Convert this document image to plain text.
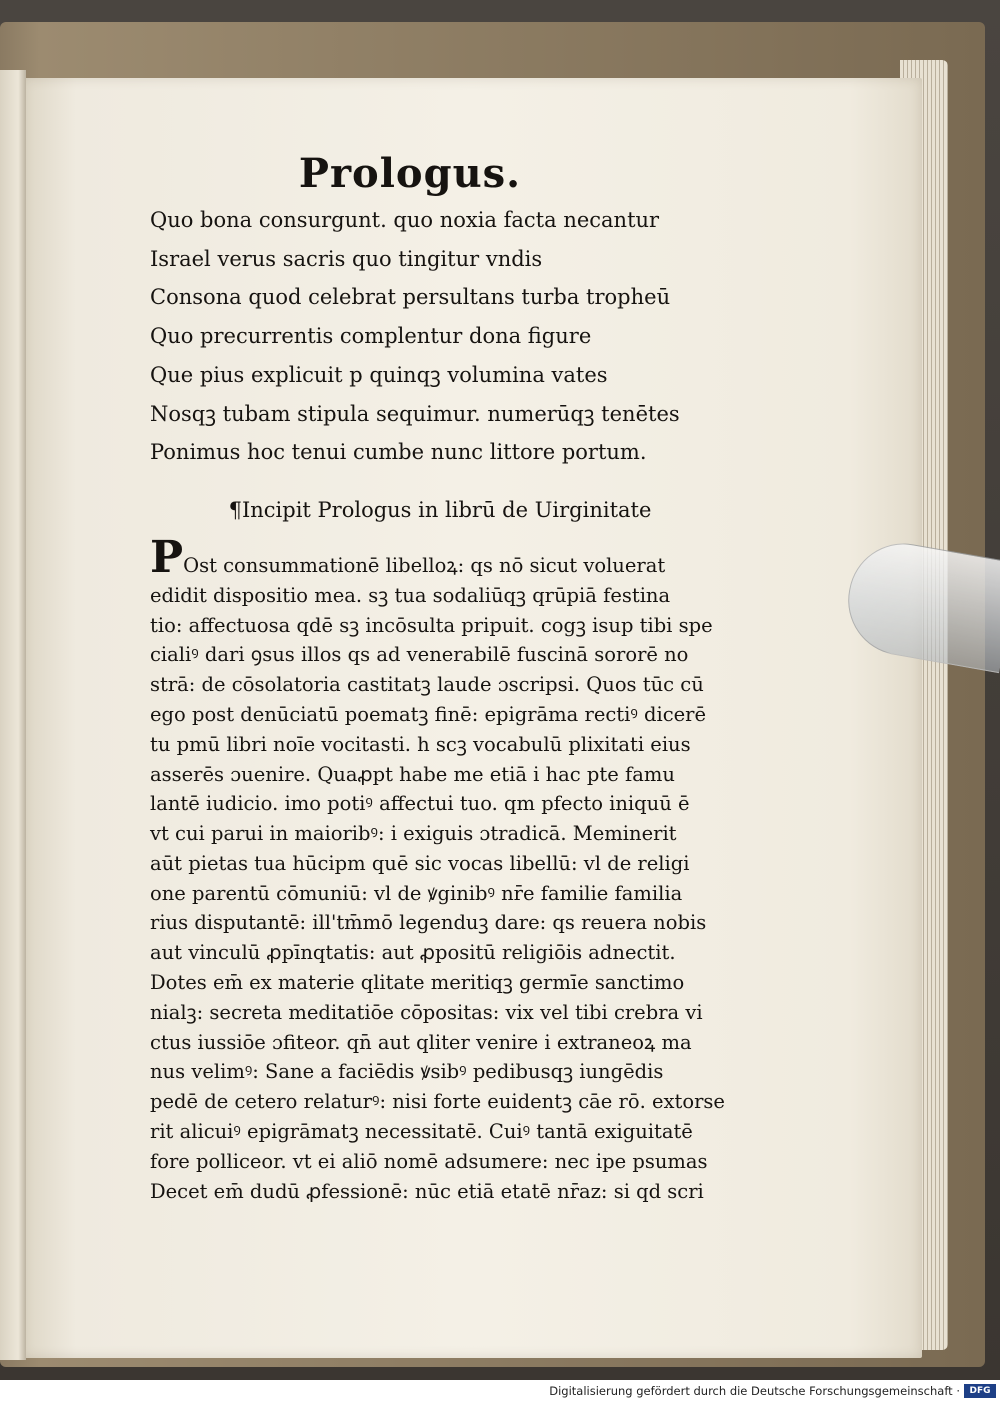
Prologus.
Quo bona consurgunt. quo noxia facta necantur
Israel verus sacris quo tingitur vndis
Consona quod celebrat persultans turba tropheū
Quo precurrentis complentur dona figure
Que pius explicuit p quinqꝫ volumina vates
Nosqꝫ tubam stipula sequimur. numerūqꝫ tenētes
Ponimus hoc tenui cumbe nunc littore portum.
¶Incipit Prologus in librū de Uirginitate
POst consummationē libelloꝝ: qs nō sicut voluerat
edidit dispositio mea. sꝫ tua sodaliūqꝫ qrūpiā festina
tio: affectuosa qdē sꝫ incōsulta pripuit. cogꝫ isup tibi spe
cialiꝰ dari ꝯsus illos qs ad venerabilē fuscinā sororē no
strā: de cōsolatoria castitatꝫ laude ɔscripsi. Quos tūc cū
ego post denūciatū poematꝫ finē: epigrāma rectiꝰ dicerē
tu pmū libri noīe vocitasti. h scꝫ vocabulū plixitati eius
asserēs ɔuenire. Quaꝓpt habe me etiā i hac pte famu
lantē iudicio. imo potiꝰ affectui tuo. qm pfecto iniquū ē
vt cui parui in maioribꝰ: i exiguis ɔtradicā. Meminerit
aūt pietas tua hūcipm quē sic vocas libellū: vl de religi
one parentū cōmuniū: vl de ꝟginibꝰ nr̄e familie familia
rius disputantē: ill'tm̄mō legenduꝫ dare: qs reuera nobis
aut vinculū ꝓpīnqtatis: aut ꝓpositū religiōis adnectit.
Dotes em̄ ex materie qlitate meritiqꝫ germīe sanctimo
nialꝫ: secreta meditatiōe cōpositas: vix vel tibi crebra vi
ctus iussiōe ɔfiteor. qn̄ aut qliter venire i extraneoꝝ ma
nus velimꝰ: Sane a faciēdis ꝟsibꝰ pedibusqꝫ iungēdis
pedē de cetero relaturꝰ: nisi forte euidentꝫ cāe rō. extorse
rit alicuiꝰ epigrāmatꝫ necessitatē. Cuiꝰ tantā exiguitatē
fore polliceor. vt ei aliō nomē adsumere: nec ipe psumas
Decet em̄ dudū ꝓfessionē: nūc etiā etatē nr̄az: si qd scri
Digitalisierung gefördert durch die Deutsche Forschungsgemeinschaft ·	DFG
